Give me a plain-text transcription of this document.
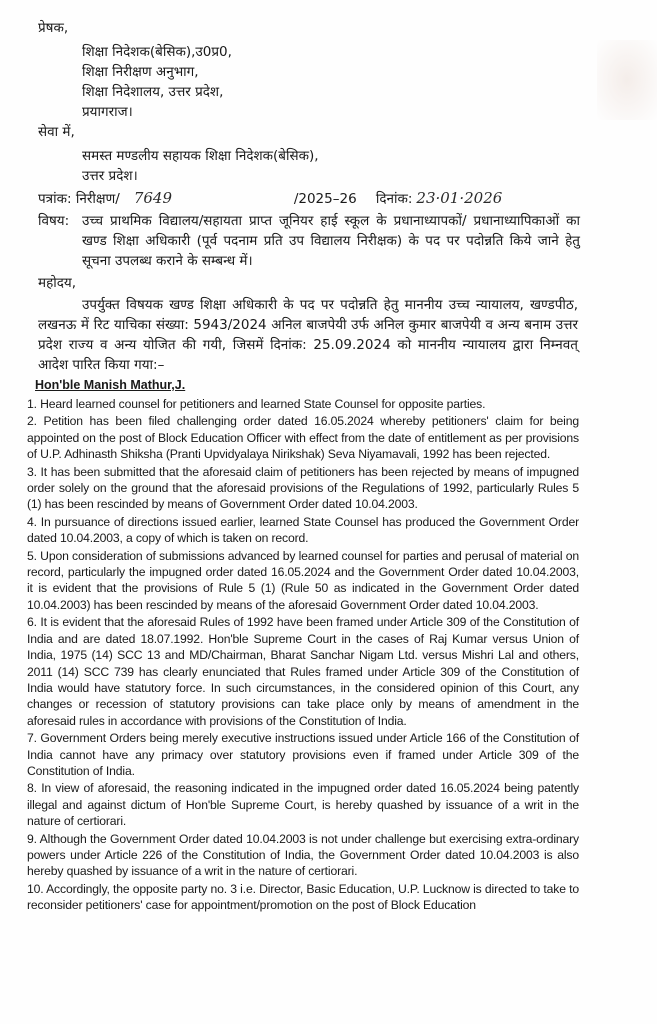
प्रेषक,
शिक्षा निदेशक(बेसिक),उ0प्र0,
शिक्षा निरीक्षण अनुभाग,
शिक्षा निदेशालय, उत्तर प्रदेश,
प्रयागराज।
सेवा में,
समस्त मण्डलीय सहायक शिक्षा निदेशक(बेसिक),
उत्तर प्रदेश।
पत्रांक: निरीक्षण/ 7649	/2025–26	दिनांक: 23·01·2026
विषय: उच्च प्राथमिक विद्यालय/सहायता प्राप्त जूनियर हाई स्कूल के प्रधानाध्यापकों/ प्रधानाध्यापिकाओं का खण्ड शिक्षा अधिकारी (पूर्व पदनाम प्रति उप विद्यालय निरीक्षक) के पद पर पदोन्नति किये जाने हेतु सूचना उपलब्ध कराने के सम्बन्ध में।
महोदय,
उपर्युक्त विषयक खण्ड शिक्षा अधिकारी के पद पर पदोन्नति हेतु माननीय उच्च न्यायालय, खण्डपीठ, लखनऊ में रिट याचिका संख्या: 5943/2024 अनिल बाजपेयी उर्फ अनिल कुमार बाजपेयी व अन्य बनाम उत्तर प्रदेश राज्य व अन्य योजित की गयी, जिसमें दिनांक: 25.09.2024 को माननीय न्यायालय द्वारा निम्नवत् आदेश पारित किया गया:–
Hon'ble Manish Mathur,J.

1. Heard learned counsel for petitioners and learned State Counsel for opposite parties.

2. Petition has been filed challenging order dated 16.05.2024 whereby petitioners' claim for being appointed on the post of Block Education Officer with effect from the date of entitlement as per provisions of U.P. Adhinasth Shiksha (Pranti Upvidyalaya Nirikshak) Seva Niyamavali, 1992 has been rejected.

3. It has been submitted that the aforesaid claim of petitioners has been rejected by means of impugned order solely on the ground that the aforesaid provisions of the Regulations of 1992, particularly Rules 5 (1) has been rescinded by means of Government Order dated 10.04.2003.

4. In pursuance of directions issued earlier, learned State Counsel has produced the Government Order dated 10.04.2003, a copy of which is taken on record.

5. Upon consideration of submissions advanced by learned counsel for parties and perusal of material on record, particularly the impugned order dated 16.05.2024 and the Government Order dated 10.04.2003, it is evident that the provisions of Rule 5 (1) (Rule 50 as indicated in the Government Order dated 10.04.2003) has been rescinded by means of the aforesaid Government Order dated 10.04.2003.

6. It is evident that the aforesaid Rules of 1992 have been framed under Article 309 of the Constitution of India and are dated 18.07.1992. Hon'ble Supreme Court in the cases of Raj Kumar versus Union of India, 1975 (14) SCC 13 and MD/Chairman, Bharat Sanchar Nigam Ltd. versus Mishri Lal and others, 2011 (14) SCC 739 has clearly enunciated that Rules framed under Article 309 of the Constitution of India would have statutory force. In such circumstances, in the considered opinion of this Court, any changes or recession of statutory provisions can take place only by means of amendment in the aforesaid rules in accordance with provisions of the Constitution of India.

7. Government Orders being merely executive instructions issued under Article 166 of the Constitution of India cannot have any primacy over statutory provisions even if framed under Article 309 of the Constitution of India.

8. In view of aforesaid, the reasoning indicated in the impugned order dated 16.05.2024 being patently illegal and against dictum of Hon'ble Supreme Court, is hereby quashed by issuance of a writ in the nature of certiorari.

9. Although the Government Order dated 10.04.2003 is not under challenge but exercising extra-ordinary powers under Article 226 of the Constitution of India, the Government Order dated 10.04.2003 is also hereby quashed by issuance of a writ in the nature of certiorari.

10. Accordingly, the opposite party no. 3 i.e. Director, Basic Education, U.P. Lucknow is directed to take to reconsider petitioners' case for appointment/promotion on the post of Block Education
